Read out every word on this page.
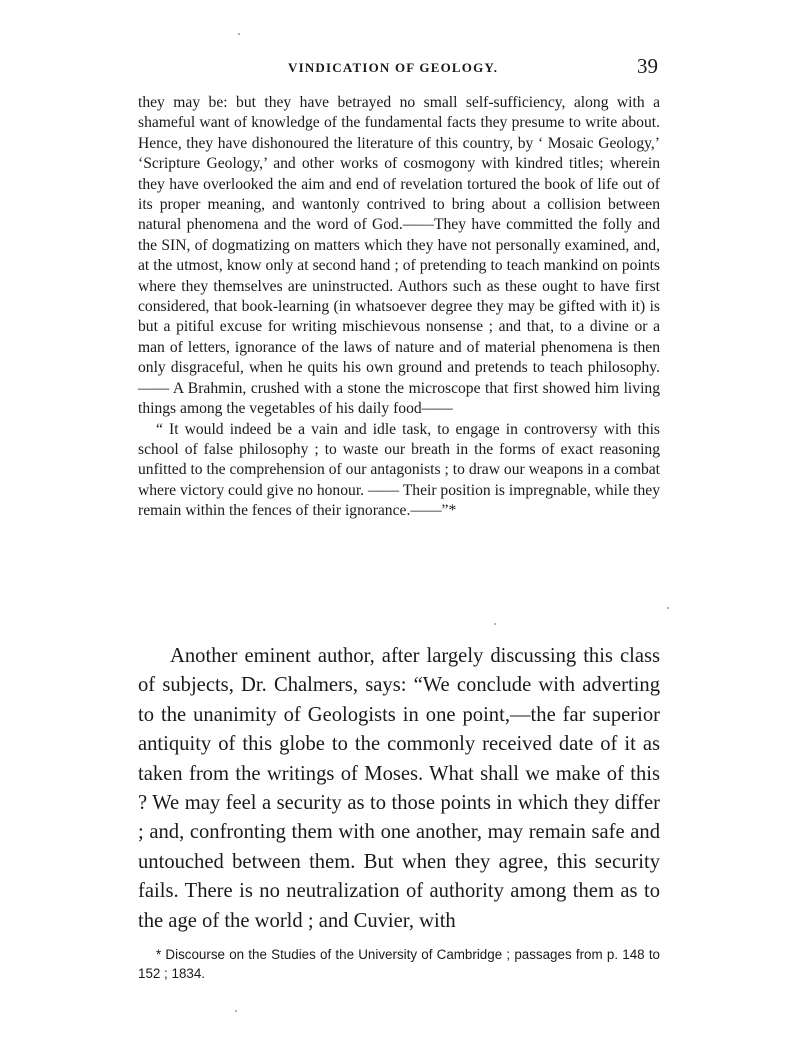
VINDICATION OF GEOLOGY.	39

they may be: but they have betrayed no small self-sufficiency, along with a shameful want of knowledge of the fundamental facts they presume to write about. Hence, they have dishonoured the literature of this country, by ‘ Mosaic Geology,’ ‘Scripture Geology,’ and other works of cosmogony with kindred titles; wherein they have overlooked the aim and end of revelation tortured the book of life out of its proper meaning, and wantonly contrived to bring about a collision between natural phenomena and the word of God.——They have committed the folly and the SIN, of dogmatizing on matters which they have not personally examined, and, at the utmost, know only at second hand ; of pretending to teach mankind on points where they themselves are uninstructed. Authors such as these ought to have first considered, that book-learning (in whatsoever degree they may be gifted with it) is but a pitiful excuse for writing mischievous nonsense ; and that, to a divine or a man of letters, ignorance of the laws of nature and of material phenomena is then only disgraceful, when he quits his own ground and pretends to teach philosophy.—— A Brahmin, crushed with a stone the microscope that first showed him living things among the vegetables of his daily food——

“ It would indeed be a vain and idle task, to engage in controversy with this school of false philosophy ; to waste our breath in the forms of exact reasoning unfitted to the comprehension of our antagonists ; to draw our weapons in a combat where victory could give no honour. —— Their position is impregnable, while they remain within the fences of their ignorance.——”*

Another eminent author, after largely discussing this class of subjects, Dr. Chalmers, says: “We conclude with adverting to the unanimity of Geologists in one point,—the far superior antiquity of this globe to the commonly received date of it as taken from the writings of Moses. What shall we make of this ? We may feel a security as to those points in which they differ ; and, confronting them with one another, may remain safe and untouched between them. But when they agree, this security fails. There is no neutralization of authority among them as to the age of the world ; and Cuvier, with

* Discourse on the Studies of the University of Cambridge ; passages from p. 148 to 152 ; 1834.
